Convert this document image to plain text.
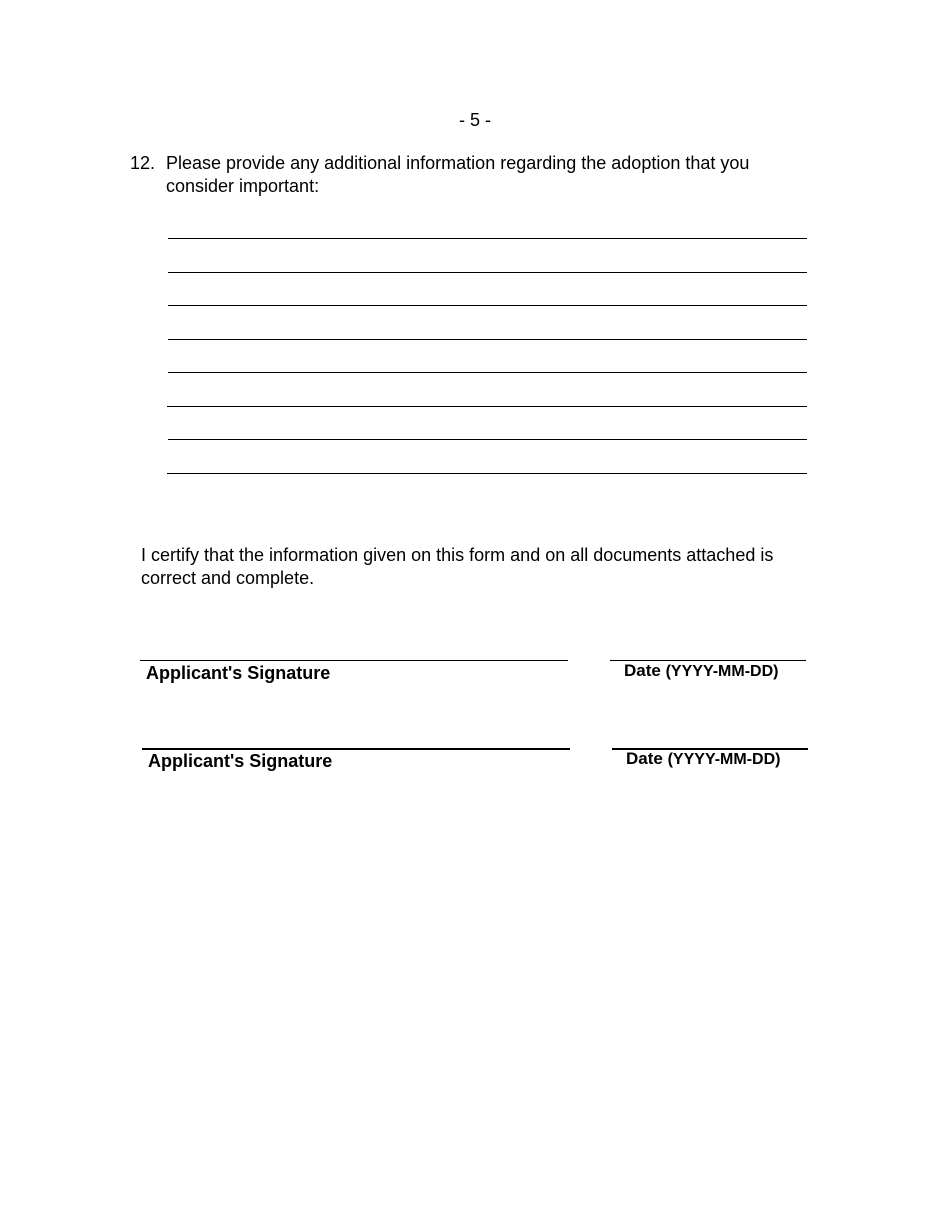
- 5 -
12. Please provide any additional information regarding the adoption that you consider important:
I certify that the information given on this form and on all documents attached is correct and complete.
Applicant's Signature	Date (YYYY-MM-DD)
Applicant's Signature	Date (YYYY-MM-DD)
